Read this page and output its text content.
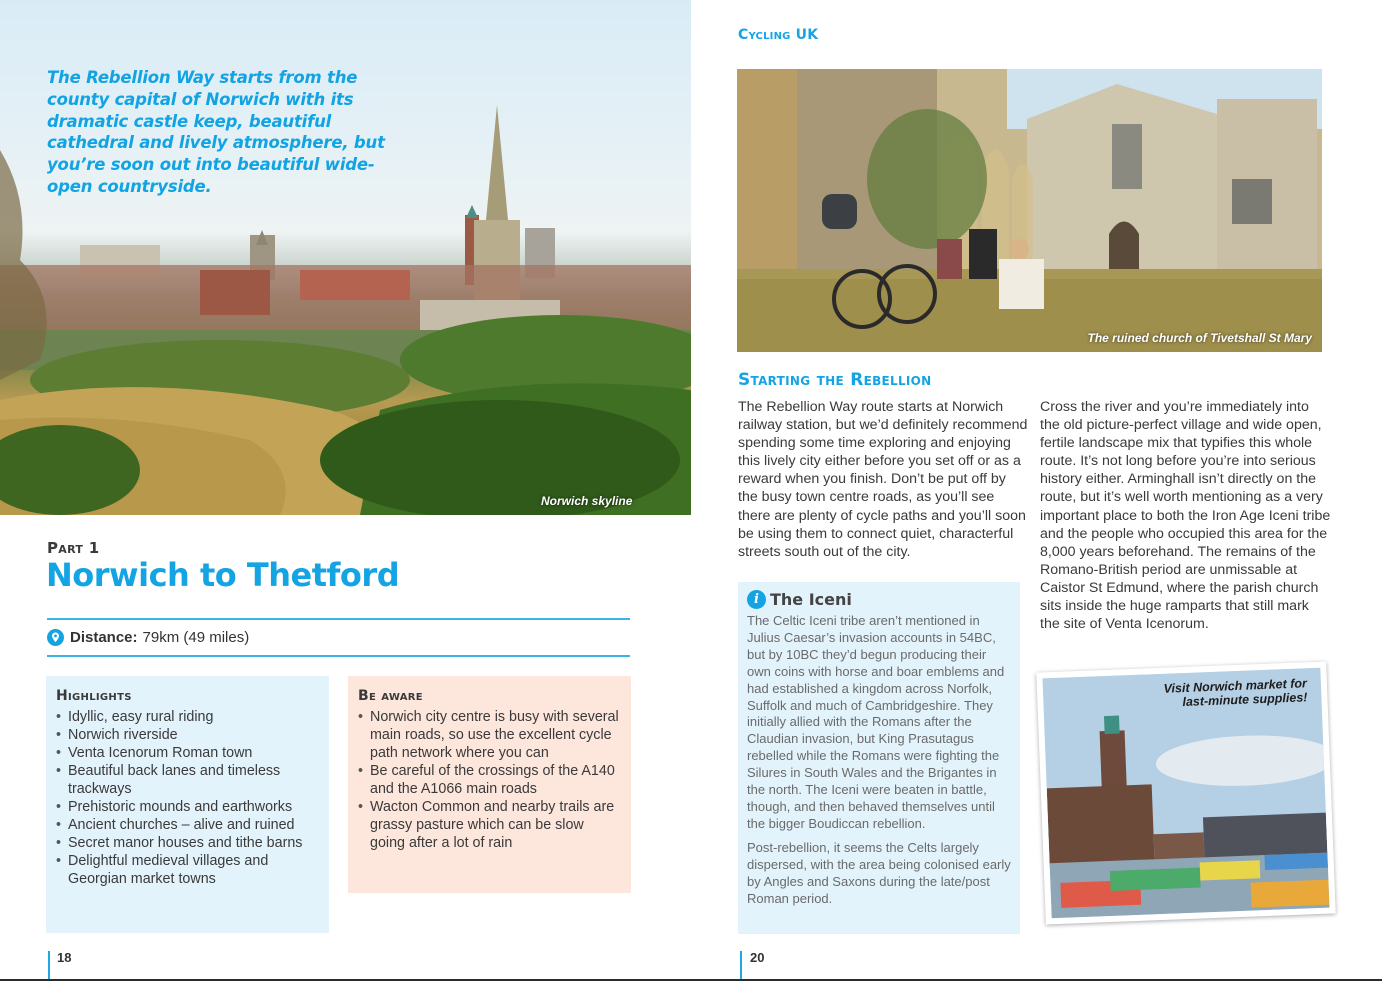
The Rebellion Way starts from the county capital of Norwich with its dramatic castle keep, beautiful cathedral and lively atmosphere, but you’re soon out into beautiful wide-open countryside.
Norwich skyline
Part 1
Norwich to Thetford
Distance: 79km (49 miles)
Highlights
• Idyllic, easy rural riding
• Norwich riverside
• Venta Icenorum Roman town
• Beautiful back lanes and timeless trackways
• Prehistoric mounds and earthworks
• Ancient churches – alive and ruined
• Secret manor houses and tithe barns
• Delightful medieval villages and Georgian market towns
Be aware
• Norwich city centre is busy with several main roads, so use the excellent cycle path network where you can
• Be careful of the crossings of the A140 and the A1066 main roads
• Wacton Common and nearby trails are grassy pasture which can be slow going after a lot of rain
18
Cycling UK
The ruined church of Tivetshall St Mary
Starting the Rebellion
The Rebellion Way route starts at Norwich railway station, but we’d definitely recommend spending some time exploring and enjoying this lively city either before you set off or as a reward when you finish. Don’t be put off by the busy town centre roads, as you’ll see there are plenty of cycle paths and you’ll soon be using them to connect quiet, characterful streets south out of the city.
Cross the river and you’re immediately into the old picture-perfect village and wide open, fertile landscape mix that typifies this whole route. It’s not long before you’re into serious history either. Arminghall isn’t directly on the route, but it’s well worth mentioning as a very important place to both the Iron Age Iceni tribe and the people who occupied this area for the 8,000 years beforehand. The remains of the Romano-British period are unmissable at Caistor St Edmund, where the parish church sits inside the huge ramparts that still mark the site of Venta Icenorum.
i The Iceni

The Celtic Iceni tribe aren’t mentioned in Julius Caesar’s invasion accounts in 54BC, but by 10BC they’d begun producing their own coins with horse and boar emblems and had established a kingdom across Norfolk, Suffolk and much of Cambridgeshire. They initially allied with the Romans after the Claudian invasion, but King Prasutagus rebelled while the Romans were fighting the Silures in South Wales and the Brigantes in the north. The Iceni were beaten in battle, though, and then behaved themselves until the bigger Boudiccan rebellion.

Post-rebellion, it seems the Celts largely dispersed, with the area being colonised early by Angles and Saxons during the late/post Roman period.

Visit Norwich market for
last-minute supplies!
20
